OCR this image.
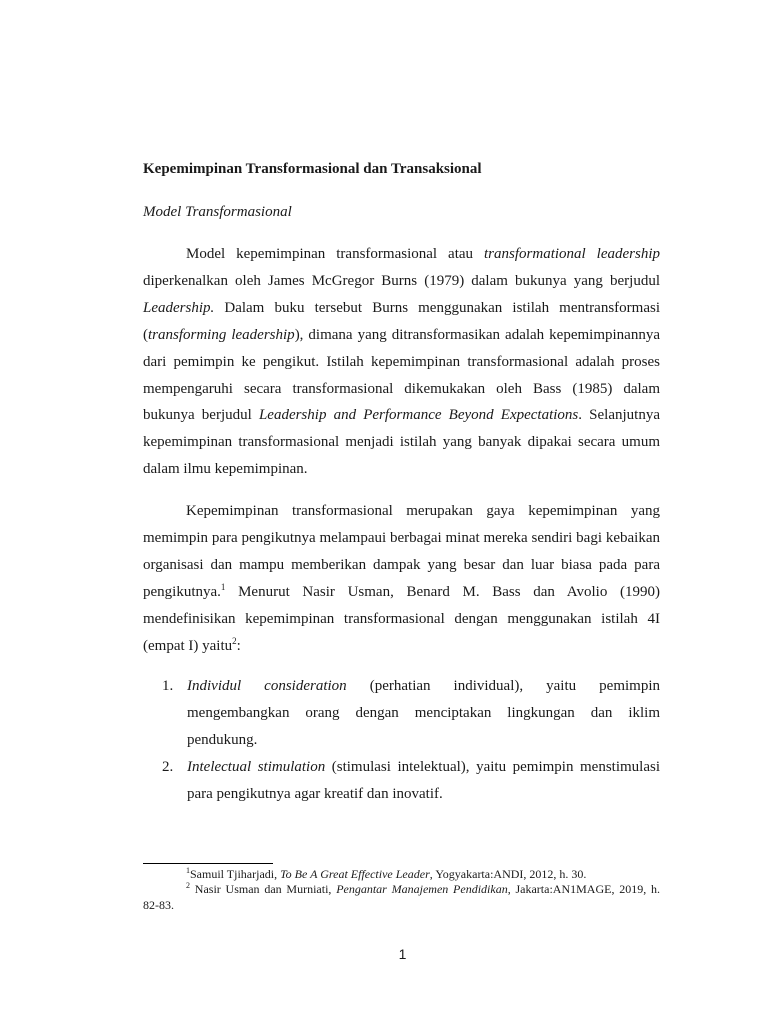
Kepemimpinan Transformasional dan Transaksional
Model Transformasional

Model kepemimpinan transformasional atau transformational leadership diperkenalkan oleh James McGregor Burns (1979) dalam bukunya yang berjudul Leadership. Dalam buku tersebut Burns menggunakan istilah mentransformasi (transforming leadership), dimana yang ditransformasikan adalah kepemimpinannya dari pemimpin ke pengikut. Istilah kepemimpinan transformasional adalah proses mempengaruhi secara transformasional dikemukakan oleh Bass (1985) dalam bukunya berjudul Leadership and Performance Beyond Expectations. Selanjutnya kepemimpinan transformasional menjadi istilah yang banyak dipakai secara umum dalam ilmu kepemimpinan.

Kepemimpinan transformasional merupakan gaya kepemimpinan yang memimpin para pengikutnya melampaui berbagai minat mereka sendiri bagi kebaikan organisasi dan mampu memberikan dampak yang besar dan luar biasa pada para pengikutnya.$^1$ Menurut Nasir Usman, Benard M. Bass dan Avolio (1990) mendefinisikan kepemimpinan transformasional dengan menggunakan istilah 4I (empat I) yaitu$^2$:

1. Individul consideration (perhatian individual), yaitu pemimpin mengembangkan orang dengan menciptakan lingkungan dan iklim pendukung.
2. Intelectual stimulation (stimulasi intelektual), yaitu pemimpin menstimulasi para pengikutnya agar kreatif dan inovatif.

$^1$Samuil Tjiharjadi, To Be A Great Effective Leader, Yogyakarta:ANDI, 2012, h. 30.

$^2$ Nasir Usman dan Murniati, Pengantar Manajemen Pendidikan, Jakarta:AN1MAGE, 2019, h. 82-83.

1
